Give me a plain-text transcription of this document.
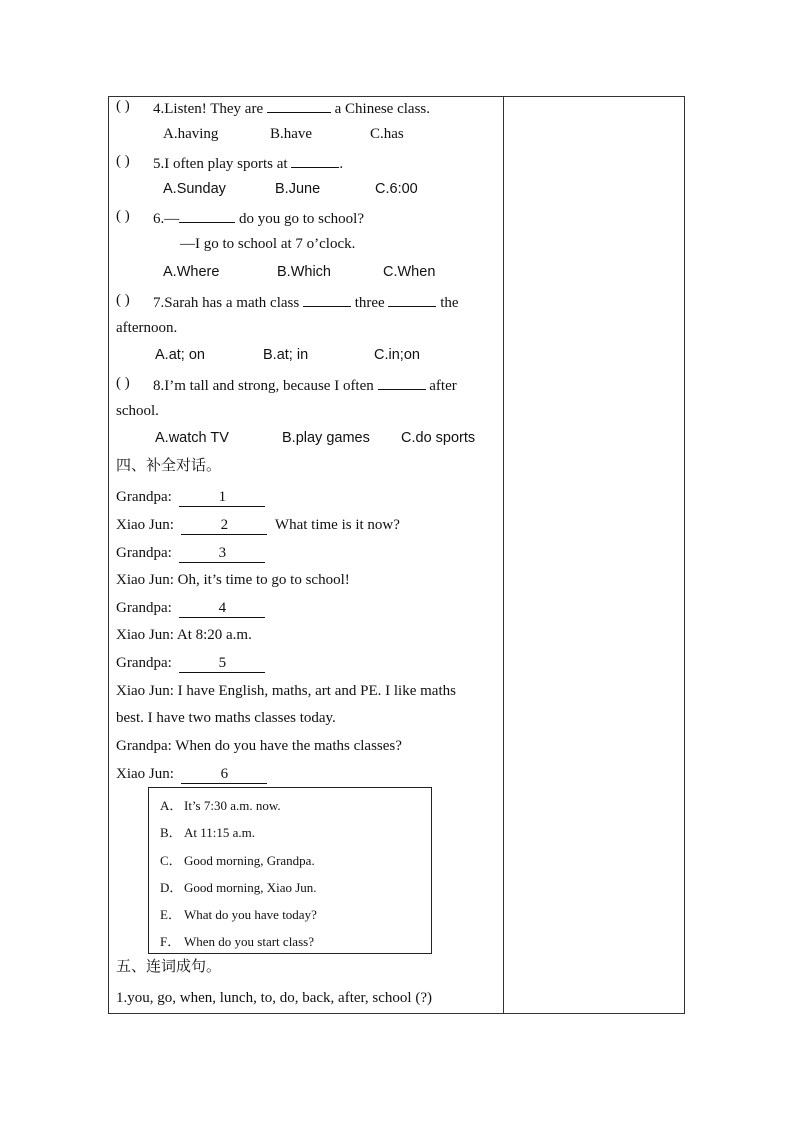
( ) 4.Listen! They are	a Chinese class.
A.having	B.have	C.has
( ) 5.I often play sports at	.
A.Sunday	B.June	C.6:00
( ) 6.—	do you go to school?
—I go to school at 7 o’clock.
A.Where	B.Which	C.When
( ) 7.Sarah has a math class	three	the
afternoon.
A.at; on	B.at; in	C.in;on
( ) 8.I’m tall and strong, because I often	after
school.
A.watch TV	B.play games C.do sports
四、补全对话。
Grandpa:	1
Xiao Jun:	2	What time is it now?
Grandpa:	3
Xiao Jun: Oh, it’s time to go to school!
Grandpa:	4
Xiao Jun: At 8:20 a.m.
Grandpa:	5
Xiao Jun: I have English, maths, art and PE. I like maths
best. I have two maths classes today.
Grandpa: When do you have the maths classes?
Xiao Jun:	6
A． It’s 7:30 a.m. now.
B． At 11:15 a.m.
C． Good morning, Grandpa.
D． Good morning, Xiao Jun.
E． What do you have today?
F． When do you start class?
五、连词成句。
1.you, go, when, lunch, to, do, back, after, school (?)
